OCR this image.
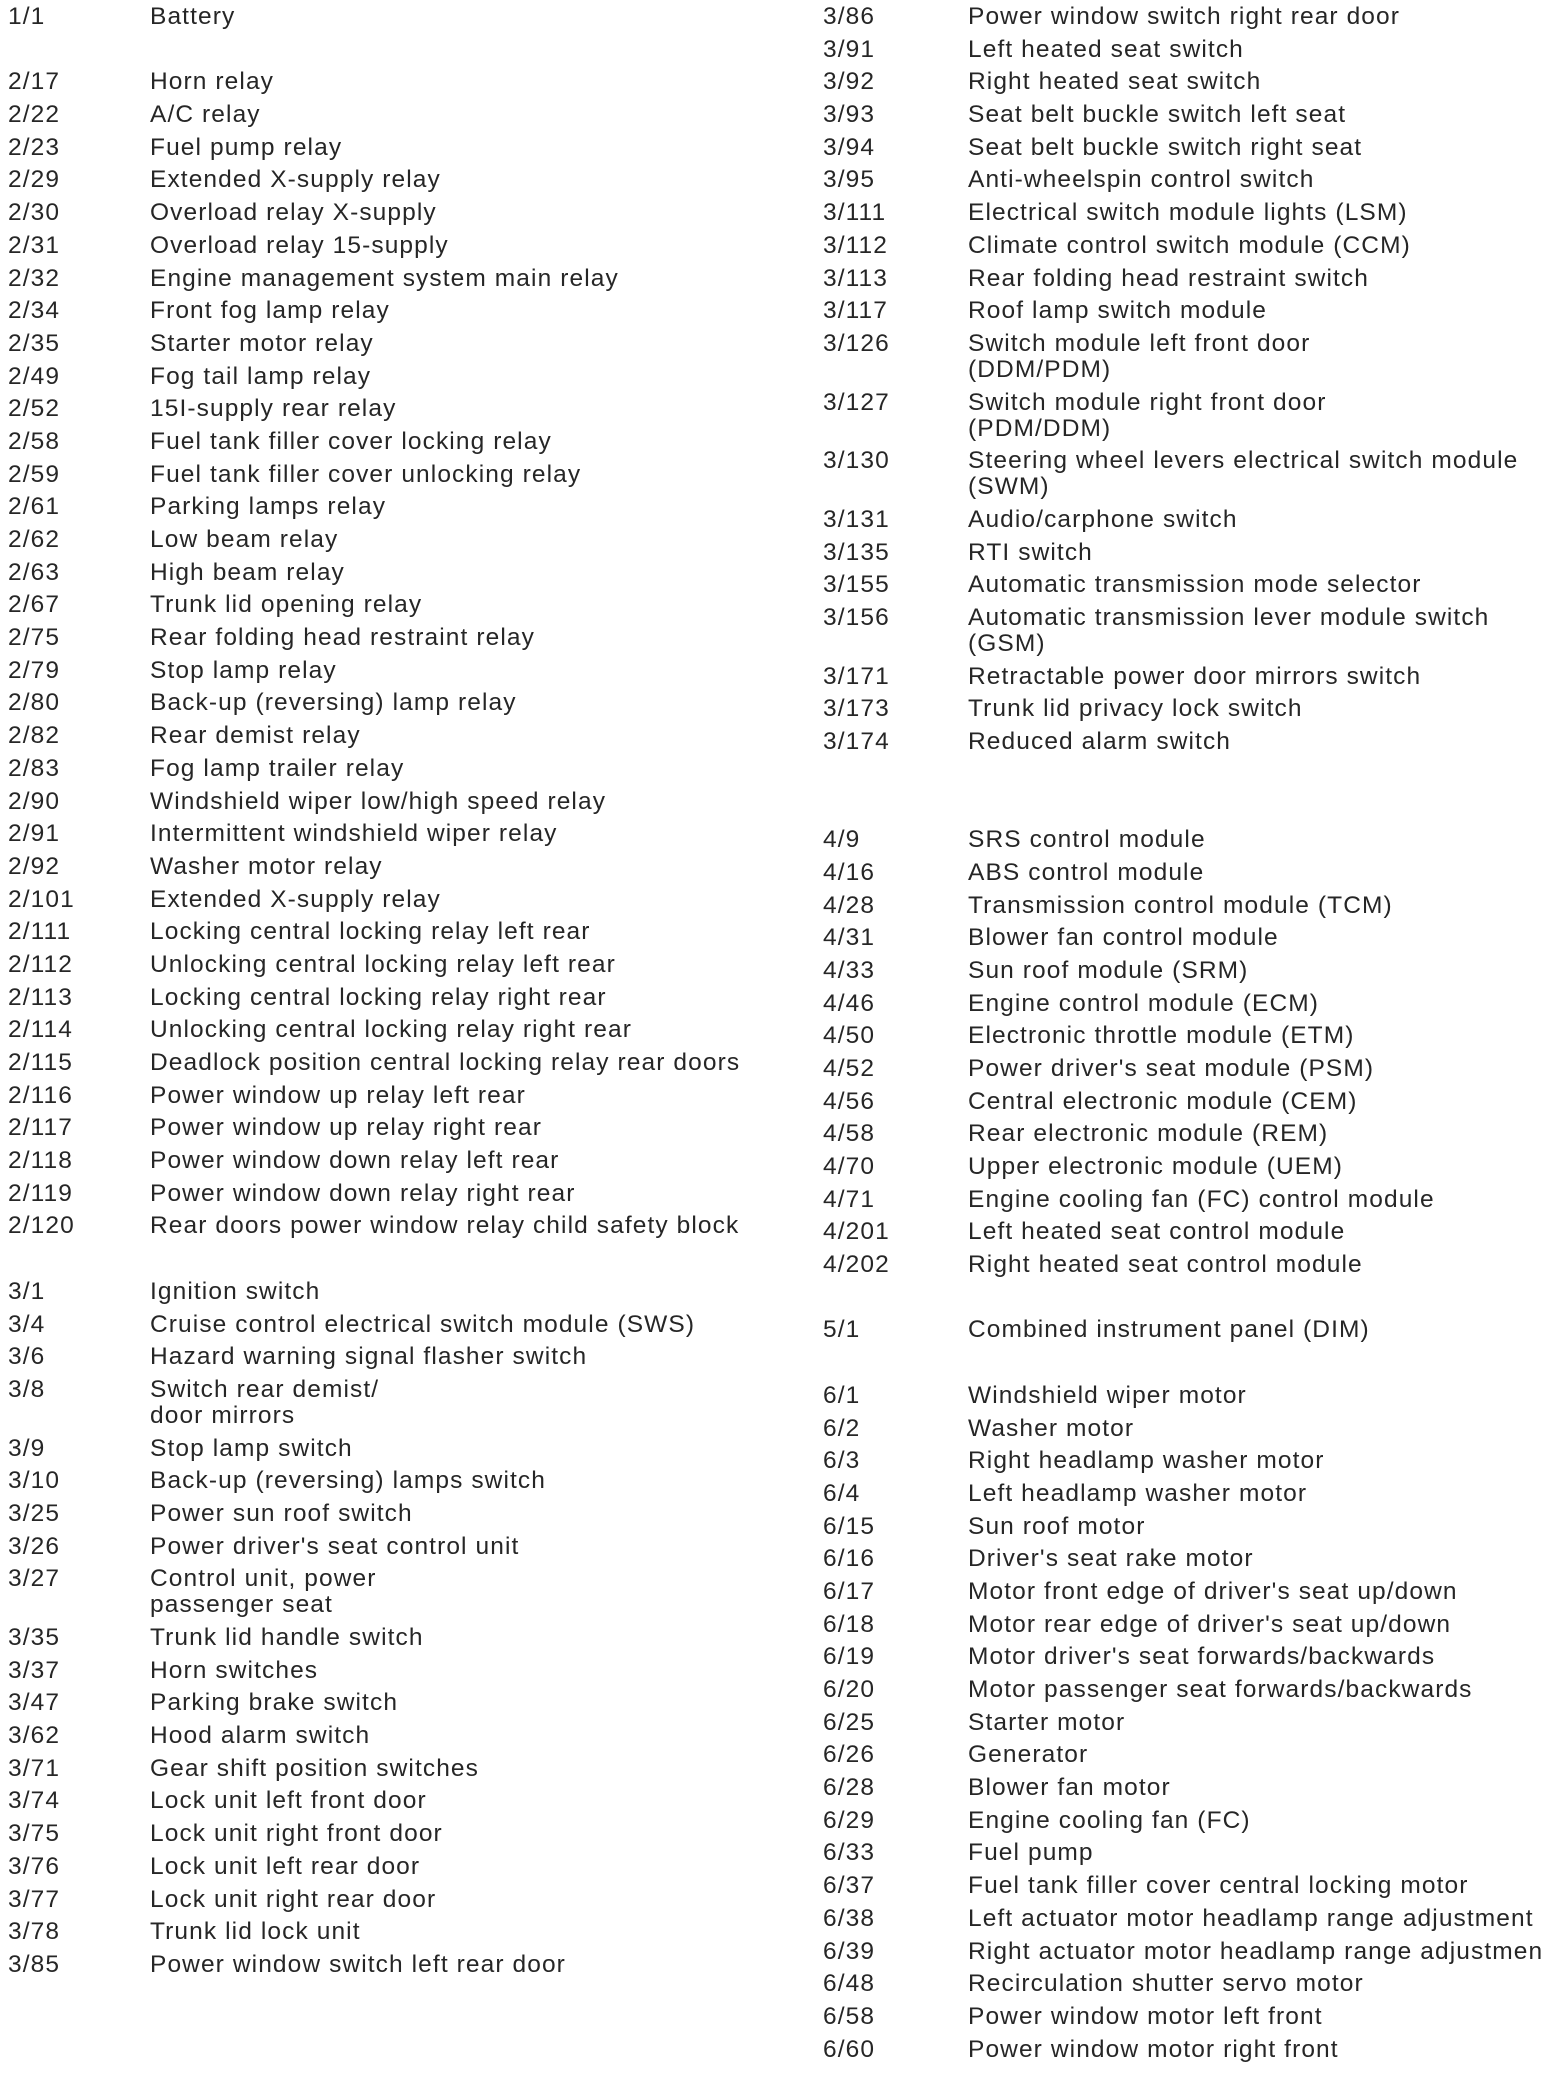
1/1	Battery
2/17	Horn relay
2/22	A/C relay
2/23	Fuel pump relay
2/29	Extended X-supply relay
2/30	Overload relay X-supply
2/31	Overload relay 15-supply
2/32	Engine management system main relay
2/34	Front fog lamp relay
2/35	Starter motor relay
2/49	Fog tail lamp relay
2/52	15I-supply rear relay
2/58	Fuel tank filler cover locking relay
2/59	Fuel tank filler cover unlocking relay
2/61	Parking lamps relay
2/62	Low beam relay
2/63	High beam relay
2/67	Trunk lid opening relay
2/75	Rear folding head restraint relay
2/79	Stop lamp relay
2/80	Back-up (reversing) lamp relay
2/82	Rear demist relay
2/83	Fog lamp trailer relay
2/90	Windshield wiper low/high speed relay
2/91	Intermittent windshield wiper relay
2/92	Washer motor relay
2/101	Extended X-supply relay
2/111	Locking central locking relay left rear
2/112	Unlocking central locking relay left rear
2/113	Locking central locking relay right rear
2/114	Unlocking central locking relay right rear
2/115	Deadlock position central locking relay rear doors
2/116	Power window up relay left rear
2/117	Power window up relay right rear
2/118	Power window down relay left rear
2/119	Power window down relay right rear
2/120	Rear doors power window relay child safety block
3/1	Ignition switch
3/4	Cruise control electrical switch module (SWS)
3/6	Hazard warning signal flasher switch
3/8	Switch rear demist/
door mirrors
3/9	Stop lamp switch
3/10	Back-up (reversing) lamps switch
3/25	Power sun roof switch
3/26	Power driver's seat control unit
3/27	Control unit, power
passenger seat
3/35	Trunk lid handle switch
3/37	Horn switches
3/47	Parking brake switch
3/62	Hood alarm switch
3/71	Gear shift position switches
3/74	Lock unit left front door
3/75	Lock unit right front door
3/76	Lock unit left rear door
3/77	Lock unit right rear door
3/78	Trunk lid lock unit
3/85	Power window switch left rear door
3/86	Power window switch right rear door
3/91	Left heated seat switch
3/92	Right heated seat switch
3/93	Seat belt buckle switch left seat
3/94	Seat belt buckle switch right seat
3/95	Anti-wheelspin control switch
3/111	Electrical switch module lights (LSM)
3/112	Climate control switch module (CCM)
3/113	Rear folding head restraint switch
3/117	Roof lamp switch module
3/126	Switch module left front door
(DDM/PDM)
3/127	Switch module right front door
(PDM/DDM)
3/130	Steering wheel levers electrical switch module
(SWM)
3/131	Audio/carphone switch
3/135	RTI switch
3/155	Automatic transmission mode selector
3/156	Automatic transmission lever module switch
(GSM)
3/171	Retractable power door mirrors switch
3/173	Trunk lid privacy lock switch
3/174	Reduced alarm switch
4/9	SRS control module
4/16	ABS control module
4/28	Transmission control module (TCM)
4/31	Blower fan control module
4/33	Sun roof module (SRM)
4/46	Engine control module (ECM)
4/50	Electronic throttle module (ETM)
4/52	Power driver's seat module (PSM)
4/56	Central electronic module (CEM)
4/58	Rear electronic module (REM)
4/70	Upper electronic module (UEM)
4/71	Engine cooling fan (FC) control module
4/201	Left heated seat control module
4/202	Right heated seat control module
5/1	Combined instrument panel (DIM)
6/1	Windshield wiper motor
6/2	Washer motor
6/3	Right headlamp washer motor
6/4	Left headlamp washer motor
6/15	Sun roof motor
6/16	Driver's seat rake motor
6/17	Motor front edge of driver's seat up/down
6/18	Motor rear edge of driver's seat up/down
6/19	Motor driver's seat forwards/backwards
6/20	Motor passenger seat forwards/backwards
6/25	Starter motor
6/26	Generator
6/28	Blower fan motor
6/29	Engine cooling fan (FC)
6/33	Fuel pump
6/37	Fuel tank filler cover central locking motor
6/38	Left actuator motor headlamp range adjustment
6/39	Right actuator motor headlamp range adjustmen
6/48	Recirculation shutter servo motor
6/58	Power window motor left front
6/60	Power window motor right front
